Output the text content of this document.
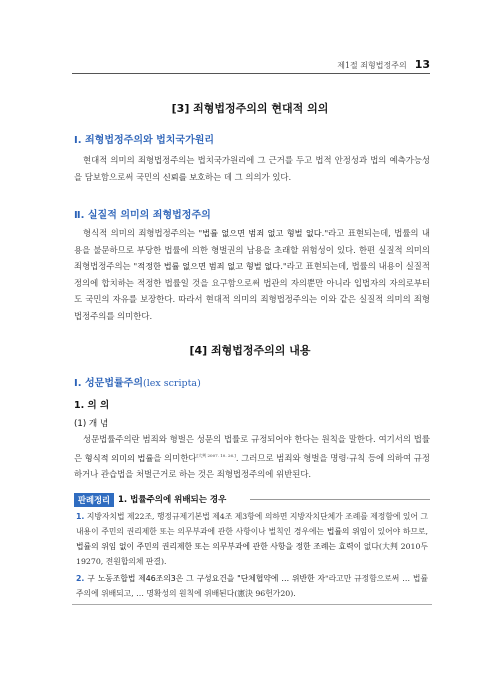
제1절 죄형법정주의 13
[3] 죄형법정주의의 현대적 의의
Ⅰ. 죄형법정주의와 법치국가원리
현대적 의미의 죄형법정주의는 법치국가원리에 그 근거를 두고 법적 안정성과 법의 예측가능성을 담보함으로써 국민의 신뢰를 보호하는 데 그 의의가 있다.
Ⅱ. 실질적 의미의 죄형법정주의
형식적 의미의 죄형법정주의는 "법률 없으면 범죄 없고 형벌 없다."라고 표현되는데, 법률의 내용을 불문하므로 부당한 법률에 의한 형벌권의 남용을 초래할 위험성이 있다. 한편 실질적 의미의 죄형법정주의는 "적정한 법률 없으면 범죄 없고 형벌 없다."라고 표현되는데, 법률의 내용이 실질적 정의에 합치하는 적정한 법률일 것을 요구함으로써 법관의 자의뿐만 아니라 입법자의 자의로부터도 국민의 자유를 보장한다. 따라서 현대적 의미의 죄형법정주의는 이와 같은 실질적 의미의 죄형법정주의를 의미한다.
[4] 죄형법정주의의 내용
Ⅰ. 성문법률주의(lex scripta)
1. 의 의
(1) 개 념
성문법률주의란 범죄와 형벌은 성문의 법률로 규정되어야 한다는 원칙을 말한다. 여기서의 법률은 형식적 의미의 법률을 의미한다[大判 2007. 10. 26.]. 그러므로 범죄와 형벌을 명령·규칙 등에 의하여 규정하거나 관습법을 처벌근거로 하는 것은 죄형법정주의에 위반된다.
판례정리 1. 법률주의에 위배되는 경우
1. 지방자치법 제22조, 행정규제기본법 제4조 제3항에 의하면 지방자치단체가 조례를 제정함에 있어 그 내용이 주민의 권리제한 또는 의무부과에 관한 사항이나 벌칙인 경우에는 법률의 위임이 있어야 하므로, 법률의 위임 없이 주민의 권리제한 또는 의무부과에 관한 사항을 정한 조례는 효력이 없다(大判 2010두19270, 전원합의체 판결).
2. 구 노동조합법 제46조의3은 그 구성요건을 "단체협약에 … 위반한 자"라고만 규정함으로써 … 법률주의에 위배되고, … 명확성의 원칙에 위배된다(憲決 96헌가20).
